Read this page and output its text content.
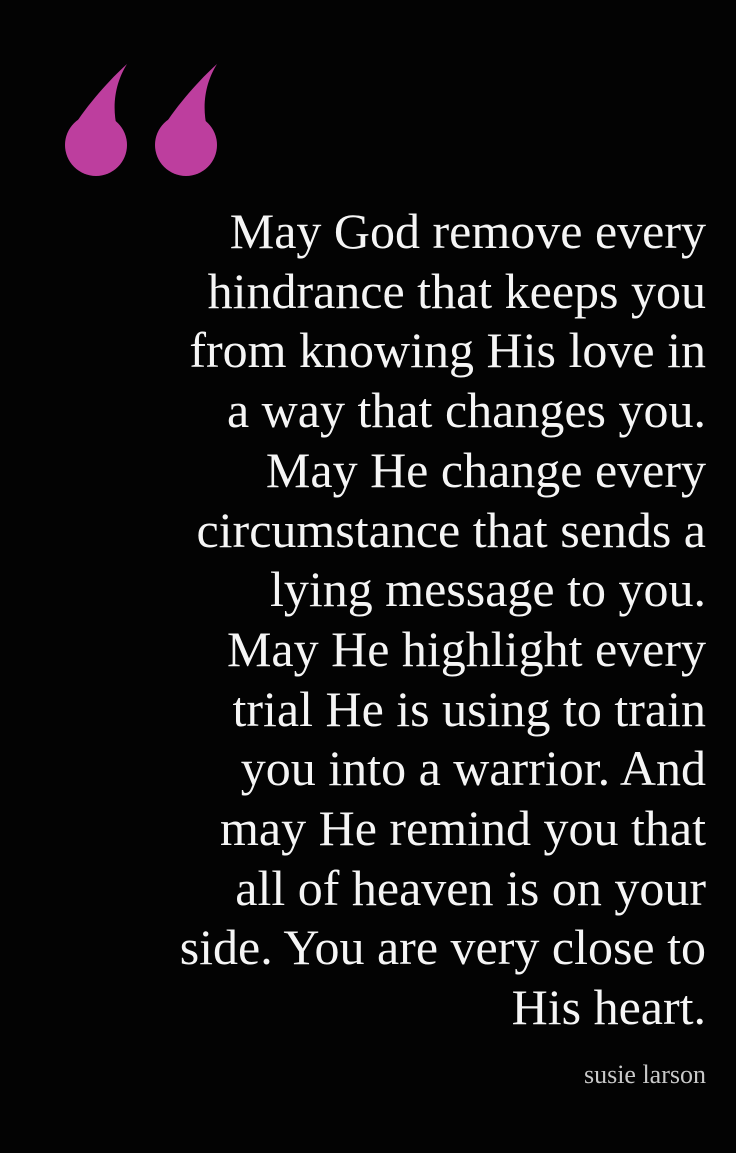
May God remove every
hindrance that keeps you
from knowing His love in
a way that changes you.
May He change every
circumstance that sends a
lying message to you.
May He highlight every
trial He is using to train
you into a warrior. And
may He remind you that
all of heaven is on your
side. You are very close to
His heart.
susie larson
